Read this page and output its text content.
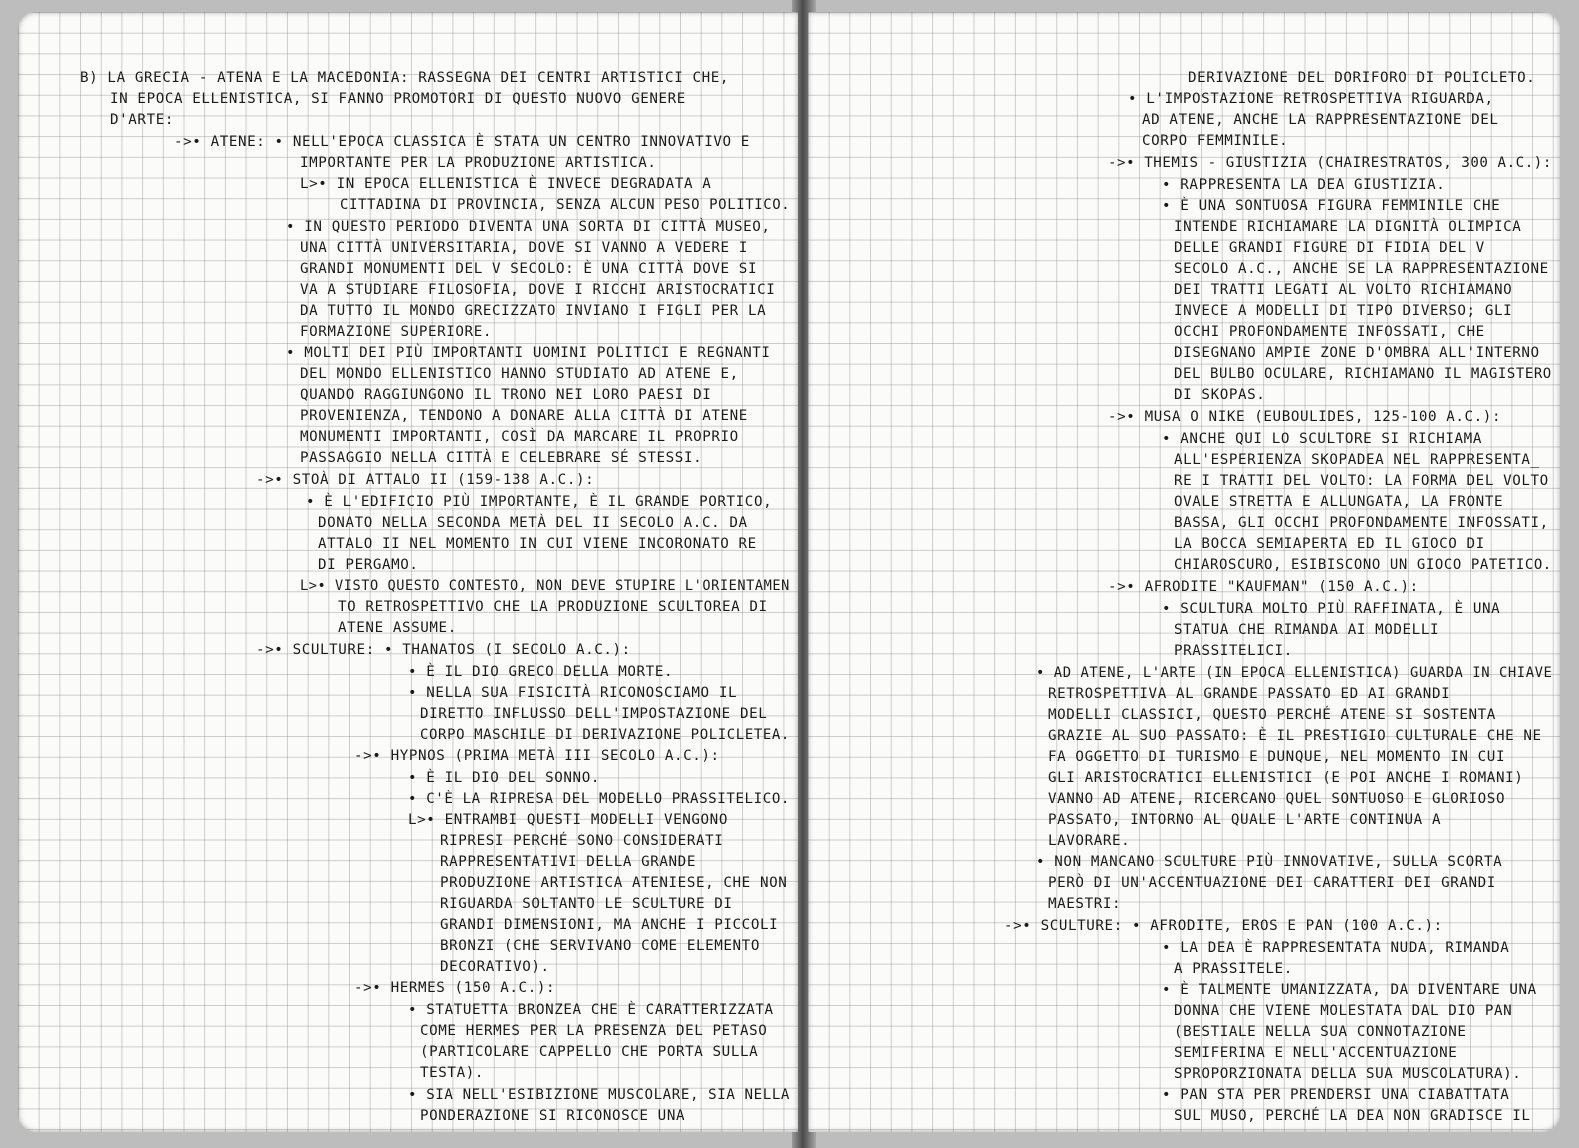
B) LA GRECIA - ATENA E LA MACEDONIA: RASSEGNA DEI CENTRI ARTISTICI CHE,
IN EPOCA ELLENISTICA, SI FANNO PROMOTORI DI QUESTO NUOVO GENERE
D'ARTE:
->• ATENE: • NELL'EPOCA CLASSICA È STATA UN CENTRO INNOVATIVO E
IMPORTANTE PER LA PRODUZIONE ARTISTICA.
L>• IN EPOCA ELLENISTICA È INVECE DEGRADATA A
CITTADINA DI PROVINCIA, SENZA ALCUN PESO POLITICO.
• IN QUESTO PERIODO DIVENTA UNA SORTA DI CITTÀ MUSEO,
UNA CITTÀ UNIVERSITARIA, DOVE SI VANNO A VEDERE I
GRANDI MONUMENTI DEL V SECOLO: È UNA CITTÀ DOVE SI
VA A STUDIARE FILOSOFIA, DOVE I RICCHI ARISTOCRATICI
DA TUTTO IL MONDO GRECIZZATO INVIANO I FIGLI PER LA
FORMAZIONE SUPERIORE.
• MOLTI DEI PIÙ IMPORTANTI UOMINI POLITICI E REGNANTI
DEL MONDO ELLENISTICO HANNO STUDIATO AD ATENE E,
QUANDO RAGGIUNGONO IL TRONO NEI LORO PAESI DI
PROVENIENZA, TENDONO A DONARE ALLA CITTÀ DI ATENE
MONUMENTI IMPORTANTI, COSÌ DA MARCARE IL PROPRIO
PASSAGGIO NELLA CITTÀ E CELEBRARE SÉ STESSI.
->• STOÀ DI ATTALO II (159-138 A.C.):
• È L'EDIFICIO PIÙ IMPORTANTE, È IL GRANDE PORTICO,
DONATO NELLA SECONDA METÀ DEL II SECOLO A.C. DA
ATTALO II NEL MOMENTO IN CUI VIENE INCORONATO RE
DI PERGAMO.
L>• VISTO QUESTO CONTESTO, NON DEVE STUPIRE L'ORIENTAMEN
TO RETROSPETTIVO CHE LA PRODUZIONE SCULTOREA DI
ATENE ASSUME.
->• SCULTURE: • THANATOS (I SECOLO A.C.):
• È IL DIO GRECO DELLA MORTE.
• NELLA SUA FISICITÀ RICONOSCIAMO IL
DIRETTO INFLUSSO DELL'IMPOSTAZIONE DEL
CORPO MASCHILE DI DERIVAZIONE POLICLETEA.
->• HYPNOS (PRIMA METÀ III SECOLO A.C.):
• È IL DIO DEL SONNO.
• C'È LA RIPRESA DEL MODELLO PRASSITELICO.
L>• ENTRAMBI QUESTI MODELLI VENGONO
RIPRESI PERCHÉ SONO CONSIDERATI
RAPPRESENTATIVI DELLA GRANDE
PRODUZIONE ARTISTICA ATENIESE, CHE NON
RIGUARDA SOLTANTO LE SCULTURE DI
GRANDI DIMENSIONI, MA ANCHE I PICCOLI
BRONZI (CHE SERVIVANO COME ELEMENTO
DECORATIVO).
->• HERMES (150 A.C.):
• STATUETTA BRONZEA CHE È CARATTERIZZATA
COME HERMES PER LA PRESENZA DEL PETASO
(PARTICOLARE CAPPELLO CHE PORTA SULLA
TESTA).
• SIA NELL'ESIBIZIONE MUSCOLARE, SIA NELLA
PONDERAZIONE SI RICONOSCE UNA
DERIVAZIONE DEL DORIFORO DI POLICLETO.
• L'IMPOSTAZIONE RETROSPETTIVA RIGUARDA,
AD ATENE, ANCHE LA RAPPRESENTAZIONE DEL
CORPO FEMMINILE.
->• THEMIS - GIUSTIZIA (CHAIRESTRATOS, 300 A.C.):
• RAPPRESENTA LA DEA GIUSTIZIA.
• È UNA SONTUOSA FIGURA FEMMINILE CHE
INTENDE RICHIAMARE LA DIGNITÀ OLIMPICA
DELLE GRANDI FIGURE DI FIDIA DEL V
SECOLO A.C., ANCHE SE LA RAPPRESENTAZIONE
DEI TRATTI LEGATI AL VOLTO RICHIAMANO
INVECE A MODELLI DI TIPO DIVERSO; GLI
OCCHI PROFONDAMENTE INFOSSATI, CHE
DISEGNANO AMPIE ZONE D'OMBRA ALL'INTERNO
DEL BULBO OCULARE, RICHIAMANO IL MAGISTERO
DI SKOPAS.
->• MUSA O NIKE (EUBOULIDES, 125-100 A.C.):
• ANCHE QUI LO SCULTORE SI RICHIAMA
ALL'ESPERIENZA SKOPADEA NEL RAPPRESENTA_
RE I TRATTI DEL VOLTO: LA FORMA DEL VOLTO
OVALE STRETTA E ALLUNGATA, LA FRONTE
BASSA, GLI OCCHI PROFONDAMENTE INFOSSATI,
LA BOCCA SEMIAPERTA ED IL GIOCO DI
CHIAROSCURO, ESIBISCONO UN GIOCO PATETICO.
->• AFRODITE "KAUFMAN" (150 A.C.):
• SCULTURA MOLTO PIÙ RAFFINATA, È UNA
STATUA CHE RIMANDA AI MODELLI
PRASSITELICI.
• AD ATENE, L'ARTE (IN EPOCA ELLENISTICA) GUARDA IN CHIAVE
RETROSPETTIVA AL GRANDE PASSATO ED AI GRANDI
MODELLI CLASSICI, QUESTO PERCHÉ ATENE SI SOSTENTA
GRAZIE AL SUO PASSATO: È IL PRESTIGIO CULTURALE CHE NE
FA OGGETTO DI TURISMO E DUNQUE, NEL MOMENTO IN CUI
GLI ARISTOCRATICI ELLENISTICI (E POI ANCHE I ROMANI)
VANNO AD ATENE, RICERCANO QUEL SONTUOSO E GLORIOSO
PASSATO, INTORNO AL QUALE L'ARTE CONTINUA A
LAVORARE.
• NON MANCANO SCULTURE PIÙ INNOVATIVE, SULLA SCORTA
PERÒ DI UN'ACCENTUAZIONE DEI CARATTERI DEI GRANDI
MAESTRI:
->• SCULTURE: • AFRODITE, EROS E PAN (100 A.C.):
• LA DEA È RAPPRESENTATA NUDA, RIMANDA
A PRASSITELE.
• È TALMENTE UMANIZZATA, DA DIVENTARE UNA
DONNA CHE VIENE MOLESTATA DAL DIO PAN
(BESTIALE NELLA SUA CONNOTAZIONE
SEMIFERINA E NELL'ACCENTUAZIONE
SPROPORZIONATA DELLA SUA MUSCOLATURA).
• PAN STA PER PRENDERSI UNA CIABATTATA
SUL MUSO, PERCHÉ LA DEA NON GRADISCE IL
